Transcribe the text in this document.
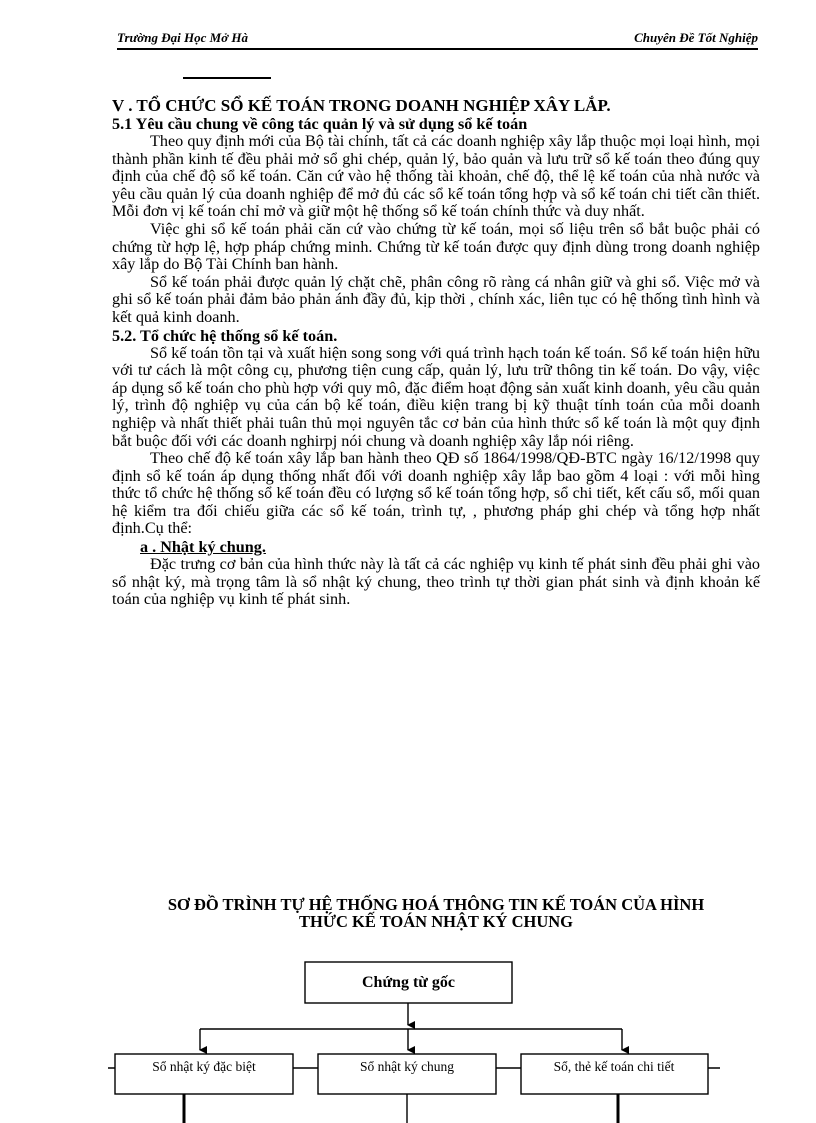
Trường Đại Học Mở Hà	Chuyên Đề Tốt Nghiệp
V . TỔ CHỨC SỔ KẾ TOÁN TRONG DOANH NGHIỆP XÂY LẮP.
5.1 Yêu cầu chung về công tác quản lý và sử dụng sổ kế toán

Theo quy định mới của Bộ tài chính, tất cả các doanh nghiệp xây lắp thuộc mọi loại hình, mọi thành phần kinh tế đều phải mở sổ ghi chép, quản lý, bảo quản và lưu trữ sổ kế toán theo đúng quy định của chế độ sổ kế toán. Căn cứ vào hệ thống tài khoản, chế độ, thể lệ kế toán của nhà nước và yêu cầu quản lý của doanh nghiệp để mở đủ các sổ kế toán tổng hợp và sổ kế toán chi tiết cần thiết. Mỗi đơn vị kế toán chỉ mở và giữ một hệ thống sổ kế toán chính thức và duy nhất.

Việc ghi sổ kế toán phải căn cứ vào chứng từ kế toán, mọi số liệu trên sổ bắt buộc phải có chứng từ hợp lệ, hợp pháp chứng minh. Chứng từ kế toán được quy định dùng trong doanh nghiệp xây lắp do Bộ Tài Chính ban hành.

Sổ kế toán phải được quản lý chặt chẽ, phân công rõ ràng cá nhân giữ và ghi sổ. Việc mở và ghi sổ kế toán phải đảm bảo phản ánh đầy đủ, kịp thời , chính xác, liên tục có hệ thống tình hình và kết quả kinh doanh.

5.2. Tổ chức hệ thống sổ kế toán.

Sổ kế toán tồn tại và xuất hiện song song với quá trình hạch toán kế toán. Sổ kế toán hiện hữu với tư cách là một công cụ, phương tiện cung cấp, quản lý, lưu trữ thông tin kế toán. Do vậy, việc áp dụng sổ kế toán cho phù hợp với quy mô, đặc điểm hoạt động sản xuất kinh doanh, yêu cầu quản lý, trình độ nghiệp vụ của cán bộ kế toán, điều kiện trang bị kỹ thuật tính toán của mỗi doanh nghiệp và nhất thiết phải tuân thủ mọi nguyên tắc cơ bản của hình thức sổ kế toán là một quy định bắt buộc đối với các doanh nghirpj nói chung và doanh nghiệp xây lắp nói riêng.

Theo chế độ kế toán xây lắp ban hành theo QĐ số 1864/1998/QĐ-BTC ngày 16/12/1998 quy định sổ kế toán áp dụng thống nhất đối với doanh nghiệp xây lắp bao gồm 4 loại : với mỗi hìng thức tổ chức hệ thống sổ kế toán đều có lượng sổ kế toán tổng hợp, sổ chi tiết, kết cấu sổ, mối quan hệ kiểm tra đối chiếu giữa các sổ kế toán, trình tự, , phương pháp ghi chép và tổng hợp nhất định.Cụ thể:

a . Nhật ký chung.

Đặc trưng cơ bản của hình thức này là tất cả các nghiệp vụ kinh tế phát sinh đều phải ghi vào sổ nhật ký, mà trọng tâm là sổ nhật ký chung, theo trình tự thời gian phát sinh và định khoản kế toán của nghiệp vụ kinh tế phát sinh.

SƠ ĐỒ TRÌNH TỰ HỆ THỐNG HOÁ THÔNG TIN KẾ TOÁN CỦA HÌNH
THỨC KẾ TOÁN NHẬT KÝ CHUNG
Chứng từ gốc
Sổ nhật ký đặc biệt	Sổ nhật ký chung	Sổ, thẻ kế toán chi tiết
